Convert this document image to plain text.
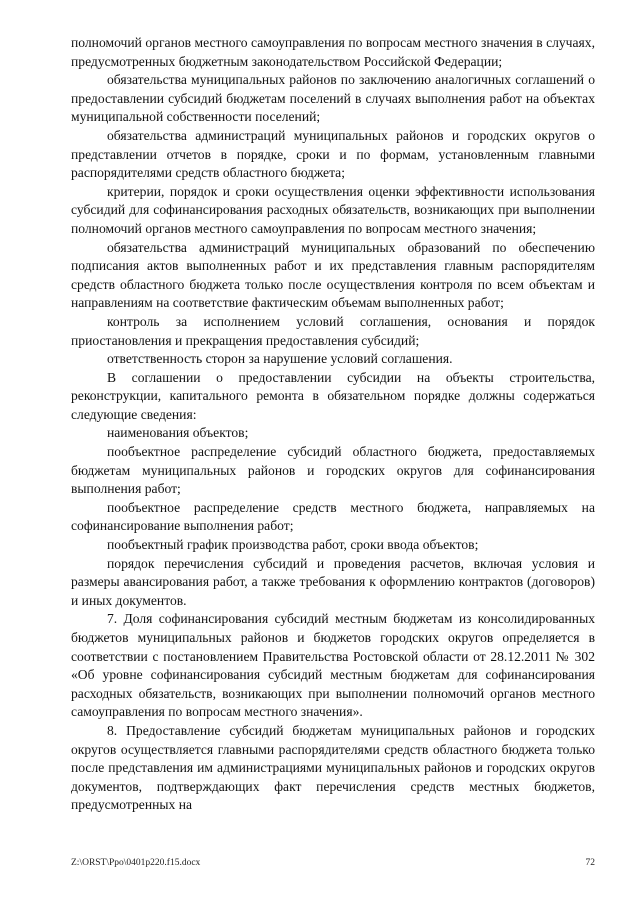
полномочий органов местного самоуправления по вопросам местного значения в случаях, предусмотренных бюджетным законодательством Российской Федерации;

обязательства муниципальных районов по заключению аналогичных соглашений о предоставлении субсидий бюджетам поселений в случаях выполнения работ на объектах муниципальной собственности поселений;

обязательства администраций муниципальных районов и городских округов о представлении отчетов в порядке, сроки и по формам, установленным главными распорядителями средств областного бюджета;

критерии, порядок и сроки осуществления оценки эффективности использования субсидий для софинансирования расходных обязательств, возникающих при выполнении полномочий органов местного самоуправления по вопросам местного значения;

обязательства администраций муниципальных образований по обеспечению подписания актов выполненных работ и их представления главным распорядителям средств областного бюджета только после осуществления контроля по всем объектам и направлениям на соответствие фактическим объемам выполненных работ;

контроль за исполнением условий соглашения, основания и порядок приостановления и прекращения предоставления субсидий;

ответственность сторон за нарушение условий соглашения.

В соглашении о предоставлении субсидии на объекты строительства, реконструкции, капитального ремонта в обязательном порядке должны содержаться следующие сведения:

наименования объектов;

пообъектное распределение субсидий областного бюджета, предоставляемых бюджетам муниципальных районов и городских округов для софинансирования выполнения работ;

пообъектное распределение средств местного бюджета, направляемых на софинансирование выполнения работ;

пообъектный график производства работ, сроки ввода объектов;

порядок перечисления субсидий и проведения расчетов, включая условия и размеры авансирования работ, а также требования к оформлению контрактов (договоров) и иных документов.

7. Доля софинансирования субсидий местным бюджетам из консолидированных бюджетов муниципальных районов и бюджетов городских округов определяется в соответствии с постановлением Правительства Ростовской области от 28.12.2011 № 302 «Об уровне софинансирования субсидий местным бюджетам для софинансирования расходных обязательств, возникающих при выполнении полномочий органов местного самоуправления по вопросам местного значения».

8. Предоставление субсидий бюджетам муниципальных районов и городских округов осуществляется главными распорядителями средств областного бюджета только после представления им администрациями муниципальных районов и городских округов документов, подтверждающих факт перечисления средств местных бюджетов, предусмотренных на

Z:\ORST\Ppo\0401p220.f15.docx	72
